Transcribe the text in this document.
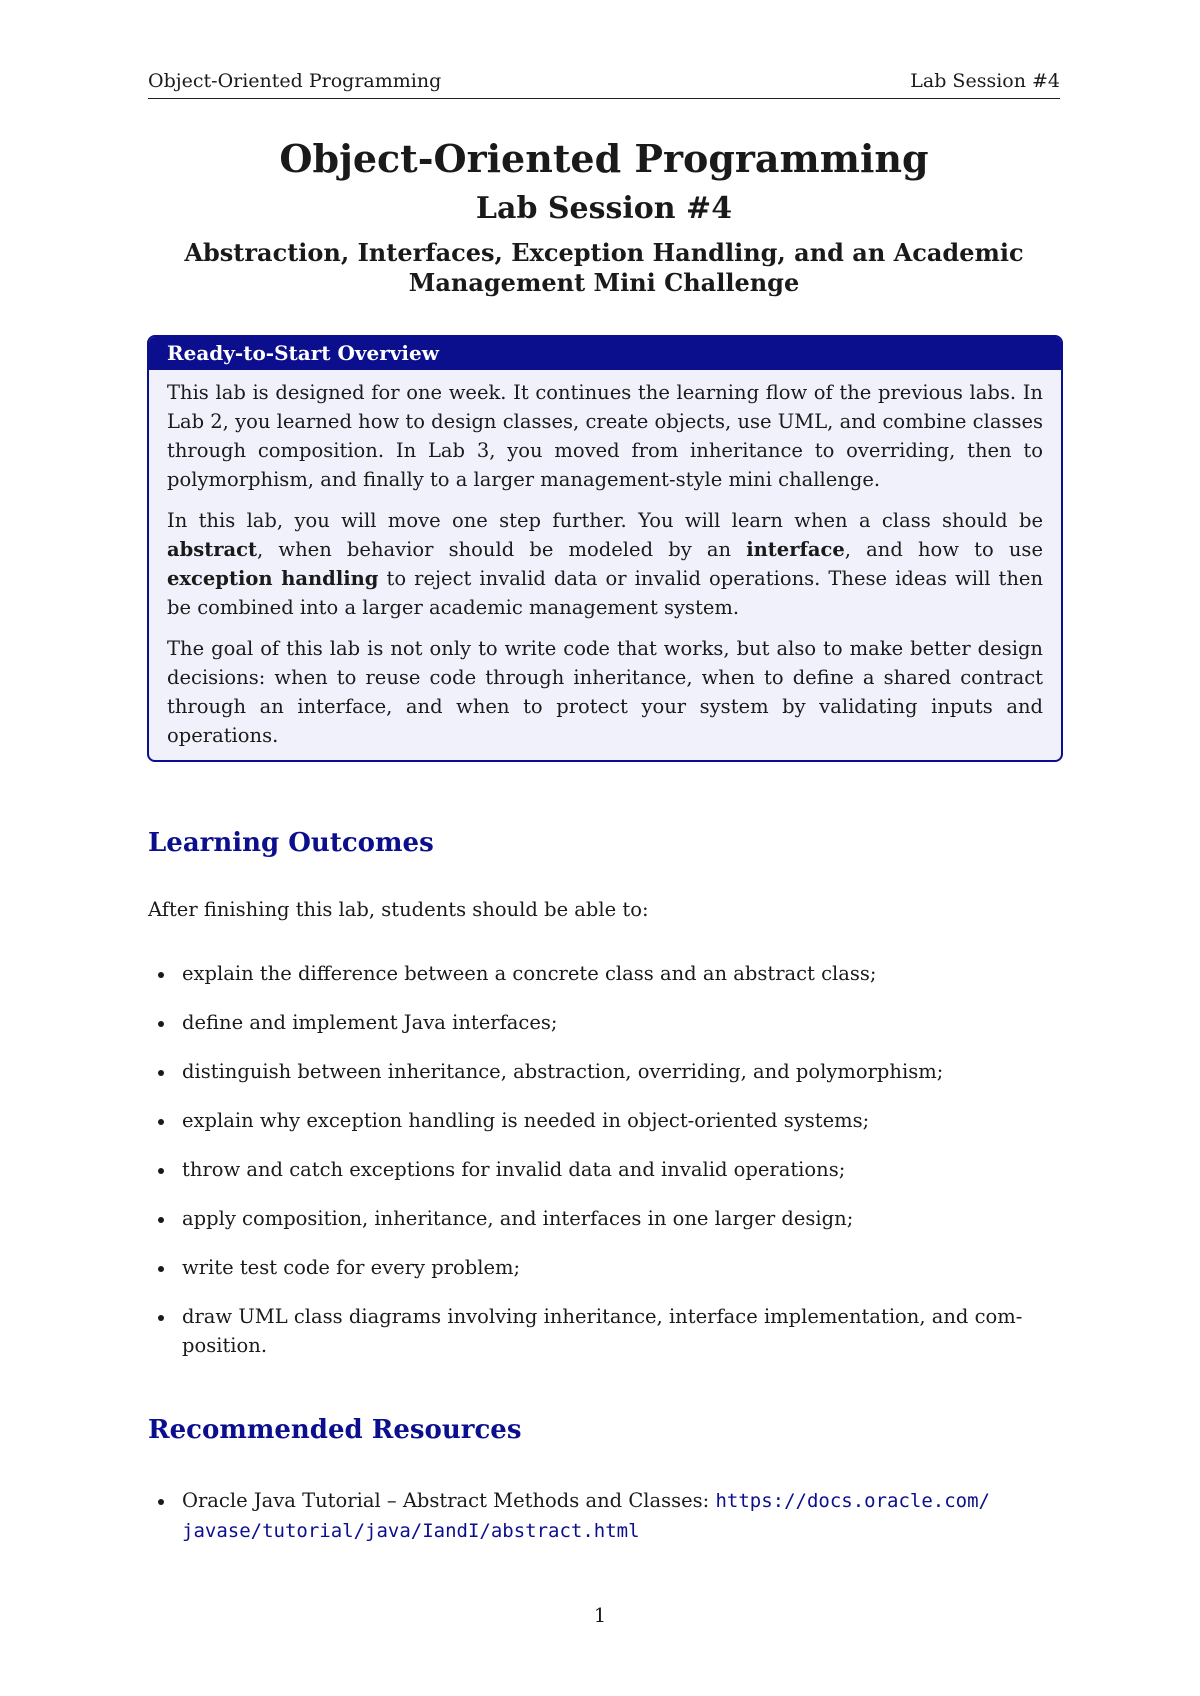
Object-Oriented Programming	Lab Session #4
Object-Oriented Programming
Lab Session #4
Abstraction, Interfaces, Exception Handling, and an Academic
Management Mini Challenge
Ready-to-Start Overview

This lab is designed for one week. It continues the learning flow of the previous labs. In Lab 2, you learned how to design classes, create objects, use UML, and combine classes through composition. In Lab 3, you moved from inheritance to overriding, then to polymorphism, and finally to a larger management-style mini challenge.

In this lab, you will move one step further. You will learn when a class should be abstract, when behavior should be modeled by an interface, and how to use exception handling to reject invalid data or invalid operations. These ideas will then be combined into a larger academic management system.

The goal of this lab is not only to write code that works, but also to make better design decisions: when to reuse code through inheritance, when to define a shared contract through an interface, and when to protect your system by validating inputs and operations.

Learning Outcomes

After finishing this lab, students should be able to:

explain the difference between a concrete class and an abstract class;
define and implement Java interfaces;
distinguish between inheritance, abstraction, overriding, and polymorphism;
explain why exception handling is needed in object-oriented systems;
throw and catch exceptions for invalid data and invalid operations;
apply composition, inheritance, and interfaces in one larger design;
write test code for every problem;
draw UML class diagrams involving inheritance, interface implementation, and com-position.
Recommended Resources
Oracle Java Tutorial – Abstract Methods and Classes: https://docs.oracle.com/
javase/tutorial/java/IandI/abstract.html
1
